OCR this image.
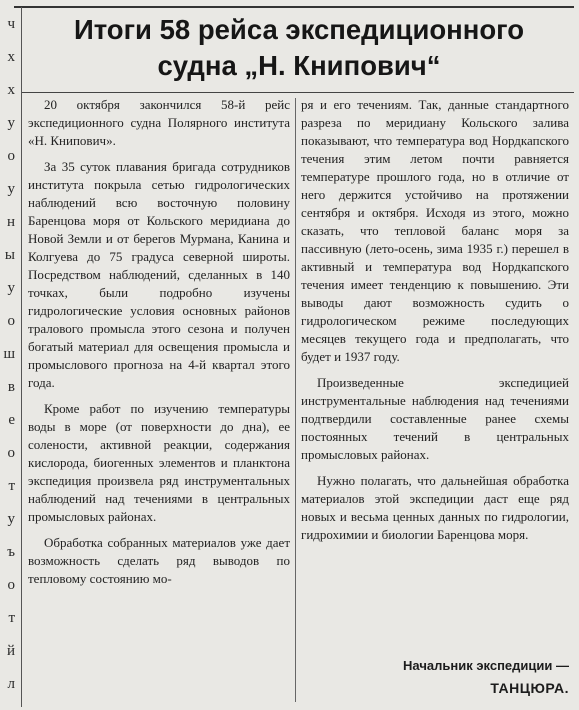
ч
х
х
у
о
у
н
ы
у
о
ш
в
е
о
т
у
ъ
о
т
й
л
Итоги 58 рейса экспедиционного
судна „Н. Книпович“

20 октября закончился 58-й рейс экспедиционного судна Полярного института «Н. Книпович».

За 35 суток плавания бригада сотрудников института покрыла сетью гидрологических наблюдений всю восточную половину Баренцова моря от Кольского меридиана до Новой Земли и от берегов Мурмана, Канина и Колгуева до 75 градуса северной широты. Посредством наблюдений, сделанных в 140 точках, были подробно изучены гидрологические условия основных районов тралового промысла этого сезона и получен богатый материал для освещения промысла и промыслового прогноза на 4-й квартал этого года.

Кроме работ по изучению температуры воды в море (от поверхности до дна), ее солености, активной реакции, содержания кислорода, биогенных элементов и планктона экспедиция произвела ряд инструментальных наблюдений над течениями в центральных промысловых районах.

Обработка собранных материалов уже дает возможность сделать ряд выводов по тепловому состоянию мо-

ря и его течениям. Так, данные стандартного разреза по меридиану Кольского залива показывают, что температура вод Нордкапского течения этим летом почти равняется температуре прошлого года, но в отличие от него держится устойчиво на протяжении сентября и октября. Исходя из этого, можно сказать, что тепловой баланс моря за пассивную (лето-осень, зима 1935 г.) перешел в активный и температура вод Нордкапского течения имеет тенденцию к повышению. Эти выводы дают возможность судить о гидрологическом режиме последующих месяцев текущего года и предполагать, что будет и 1937 году.

Произведенные экспедицией инструментальные наблюдения над течениями подтвердили составленные ранее схемы постоянных течений в центральных промысловых районах.

Нужно полагать, что дальнейшая обработка материалов этой экспедиции даст еще ряд новых и весьма ценных данных по гидрологии, гидрохимии и биологии Баренцова моря.

Начальник экспедиции —
ТАНЦЮРА.
